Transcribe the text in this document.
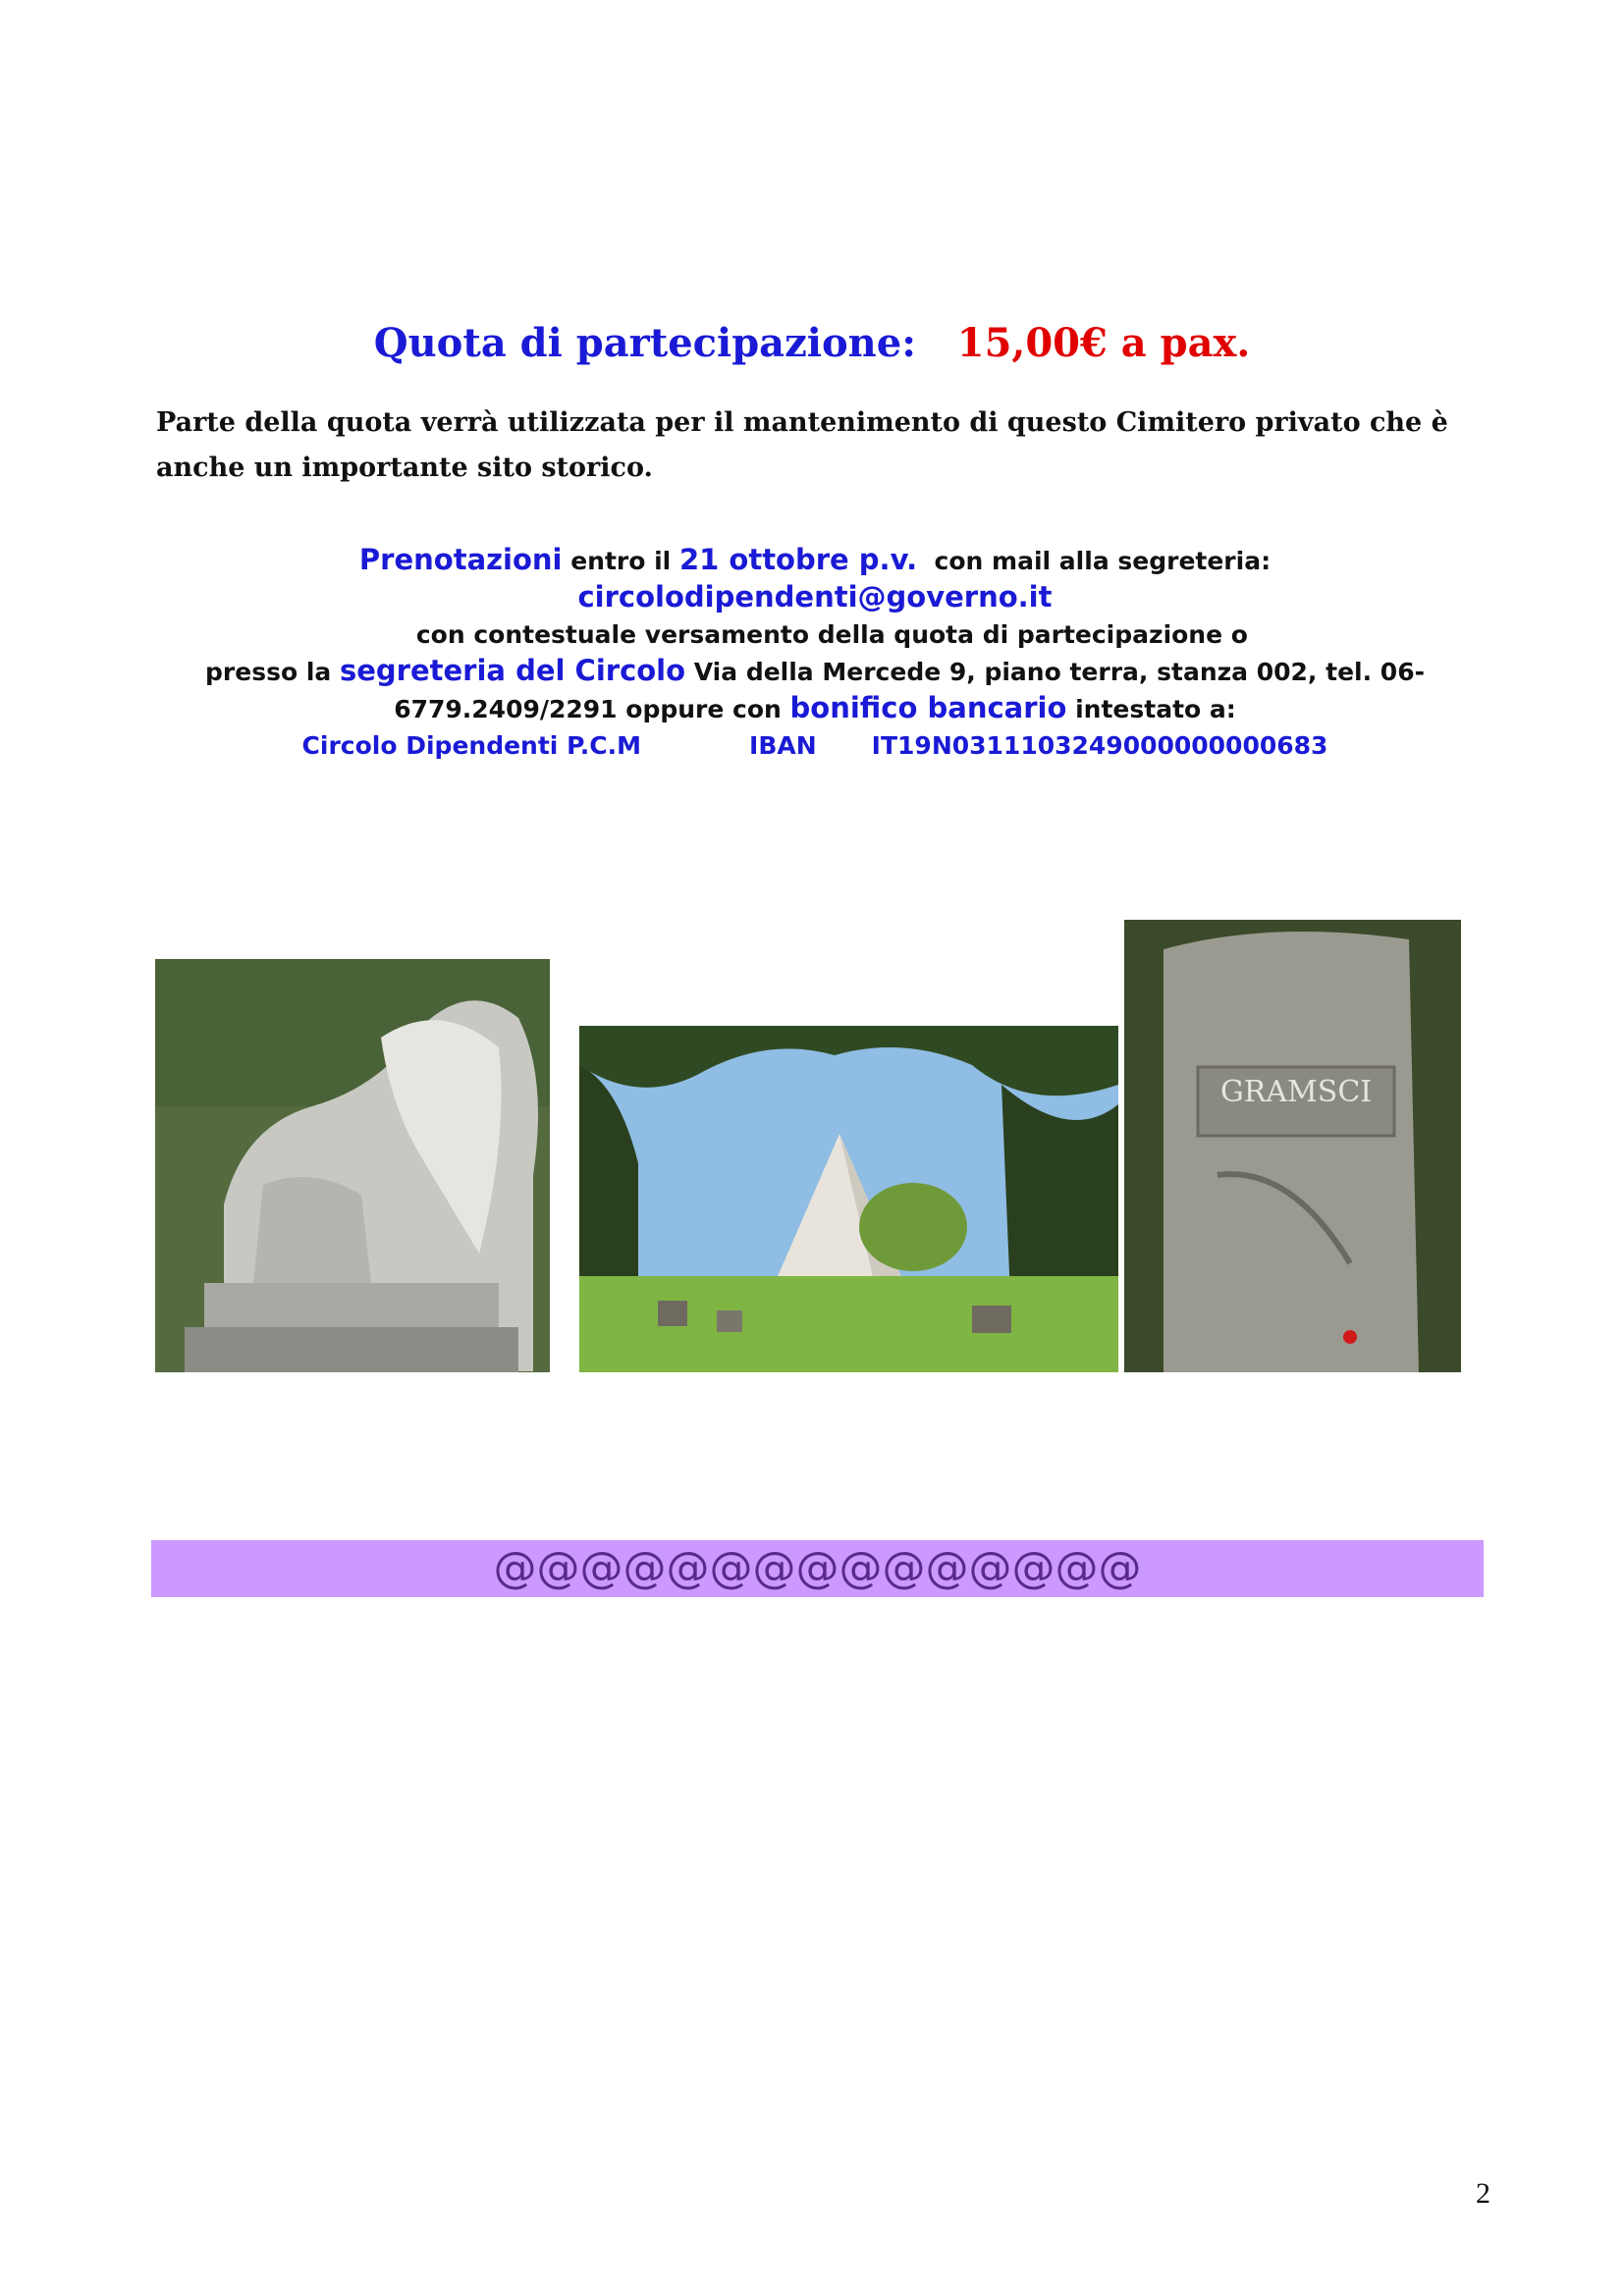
Quota di partecipazione: 15,00€ a pax.
Parte della quota verrà utilizzata per il mantenimento di questo Cimitero privato che è anche un importante sito storico.
Prenotazioni entro il 21 ottobre p.v.  con mail alla segreteria:
circolodipendenti@governo.it    con contestuale versamento della quota di partecipazione o
presso la segreteria del Circolo Via della Mercede 9, piano terra, stanza 002, tel. 06-
6779.2409/2291 oppure con bonifico bancario intestato a:
Circolo Dipendenti P.C.M	IBAN IT19N0311103249000000000683
GRAMSCI
@@@@@@@@@@@@@@@
2
